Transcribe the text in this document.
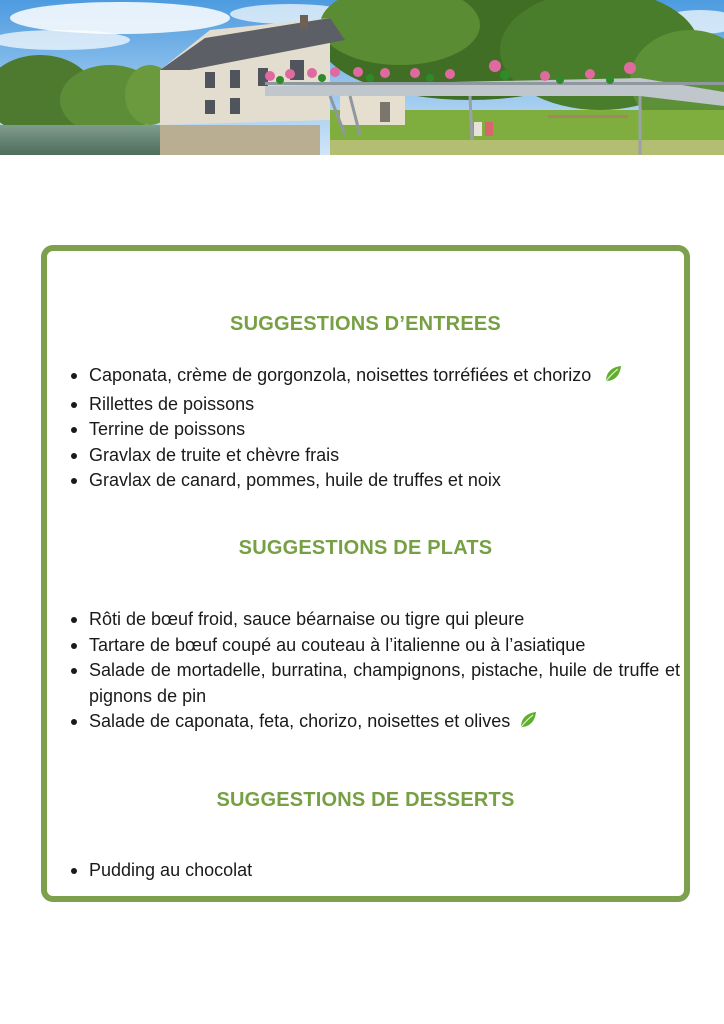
SUGGESTIONS D’ENTREES
Caponata, crème de gorgonzola, noisettes torréfiées et chorizo
Rillettes de poissons
Terrine de poissons
Gravlax de truite et chèvre frais
Gravlax de canard, pommes, huile de truffes et noix
SUGGESTIONS DE PLATS
Rôti de bœuf froid, sauce béarnaise ou tigre qui pleure
Tartare de bœuf coupé au couteau à l’italienne ou à l’asiatique
Salade de mortadelle, burratina, champignons, pistache, huile de truffe et pignons de pin
Salade de caponata, feta, chorizo, noisettes et olives
SUGGESTIONS DE DESSERTS
Pudding au chocolat
